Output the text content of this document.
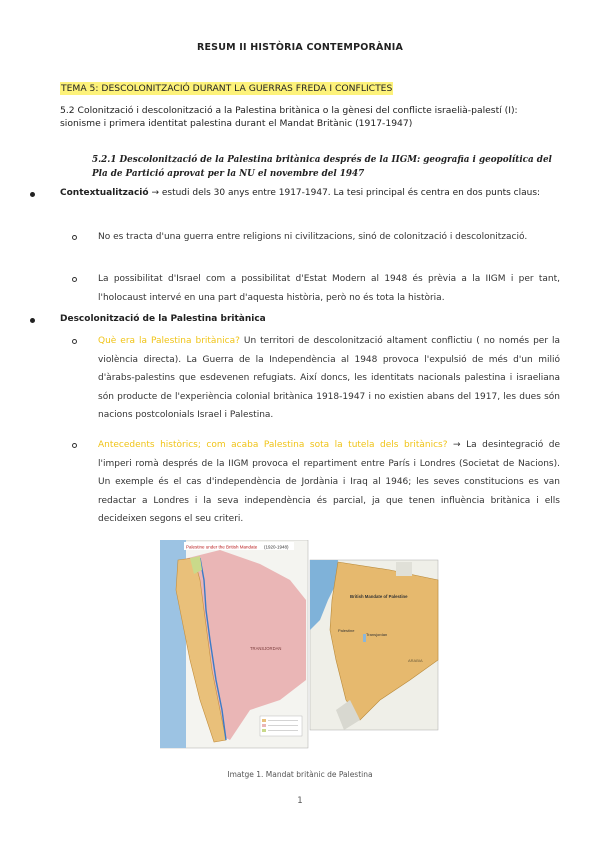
RESUM II HISTÒRIA CONTEMPORÀNIA
TEMA 5: DESCOLONITZACIÓ DURANT LA GUERRAS FREDA I CONFLICTES
5.2 Colonització i descolonització a la Palestina britànica o la gènesi del conflicte israelià-palestí (I): sionisme i primera identitat palestina durant el Mandat Britànic (1917-1947)
5.2.1 Descolonització de la Palestina britànica després de la IIGM: geografia i geopolítica del Pla de Partició aprovat per la NU el novembre del 1947
Contextualització → estudi dels 30 anys entre 1917-1947. La tesi principal és centra en dos punts claus:
No es tracta d'una guerra entre religions ni civilitzacions, sinó de colonització i descolonització.
La possibilitat d'Israel com a possibilitat d'Estat Modern al 1948 és prèvia a la IIGM i per tant, l'holocaust intervé en una part d'aquesta història, però no és tota la història.
Descolonització de la Palestina britànica
Què era la Palestina britànica? Un territori de descolonització altament conflictiu ( no només per la violència directa). La Guerra de la Independència al 1948 provoca l'expulsió de més d'un milió d'àrabs-palestins que esdevenen refugiats. Així doncs, les identitats nacionals palestina i israeliana són producte de l'experiència colonial britànica 1918-1947 i no existien abans del 1917, les dues són nacions postcolonials Israel i Palestina.
Antecedents històrics; com acaba Palestina sota la tutela dels britànics? → La desintegració de l'imperi romà després de la IIGM provoca el repartiment entre París i Londres (Societat de Nacions). Un exemple és el cas d'independència de Jordània i Iraq al 1946; les seves constitucions es van redactar a Londres i la seva independència és parcial, ja que tenen influència britànica i ells decideixen segons el seu criteri.
Palestine under the British Mandate (1920-1948)
TRANSJORDAN
British Mandate of Palestine
Palestine
Transjordan
ARABIA
Imatge 1. Mandat britànic de Palestina
1
